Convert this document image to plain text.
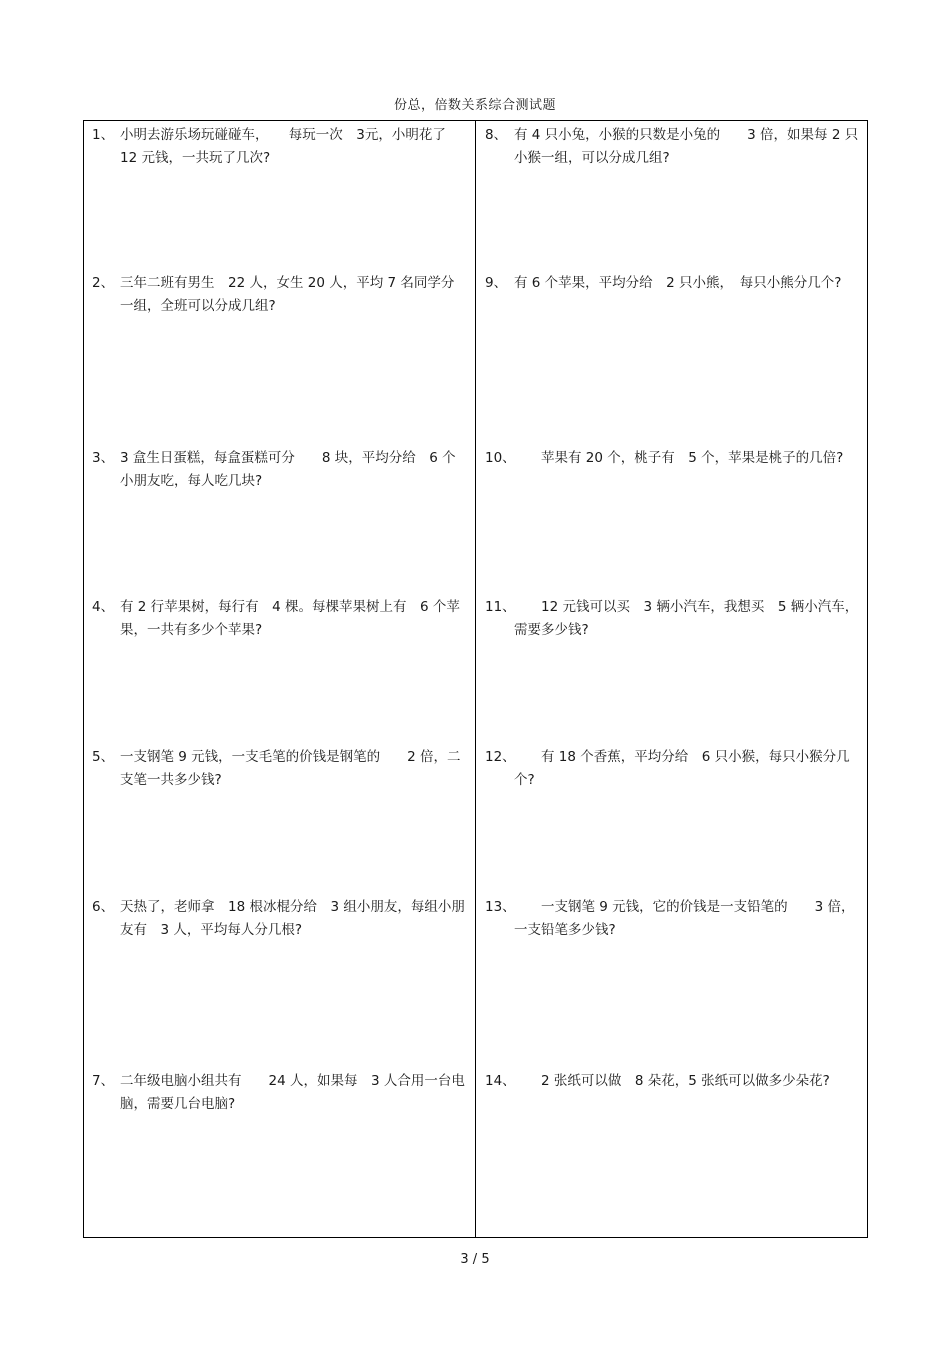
份总，倍数关系综合测试题
1、 小明去游乐场玩碰碰车，　　每玩一次　3元，小明花了 12 元钱，一共玩了几次?
2、 三年二班有男生　22 人，女生 20 人，平均 7 名同学分一组，全班可以分成几组?
3、 3 盒生日蛋糕，每盒蛋糕可分　　8 块，平均分给　6 个小朋友吃，每人吃几块?
4、 有 2 行苹果树，每行有　4 棵。每棵苹果树上有　6 个苹果，一共有多少个苹果?
5、 一支钢笔 9 元钱，一支毛笔的价钱是钢笔的　　2 倍，二支笔一共多少钱?
6、 天热了，老师拿　18 根冰棍分给　3 组小朋友，每组小朋友有　3 人，平均每人分几根?
7、 二年级电脑小组共有　　24 人，如果每　3 人合用一台电脑，需要几台电脑?
8、 有 4 只小兔，小猴的只数是小兔的　　3 倍，如果每 2 只小猴一组，可以分成几组?
9、 有 6 个苹果，平均分给　2 只小熊，　每只小熊分几个?
10、
　　苹果有 20 个，桃子有　5 个，苹果是桃子的几倍?
11、
　　12 元钱可以买　3 辆小汽车，我想买　5 辆小汽车，需要多少钱?
12、
　　有 18 个香蕉，平均分给　6 只小猴，每只小猴分几个?
13、
　　一支钢笔 9 元钱，它的价钱是一支铅笔的　　3 倍，一支铅笔多少钱?
14、
　　2 张纸可以做　8 朵花，5 张纸可以做多少朵花?
3 / 5
